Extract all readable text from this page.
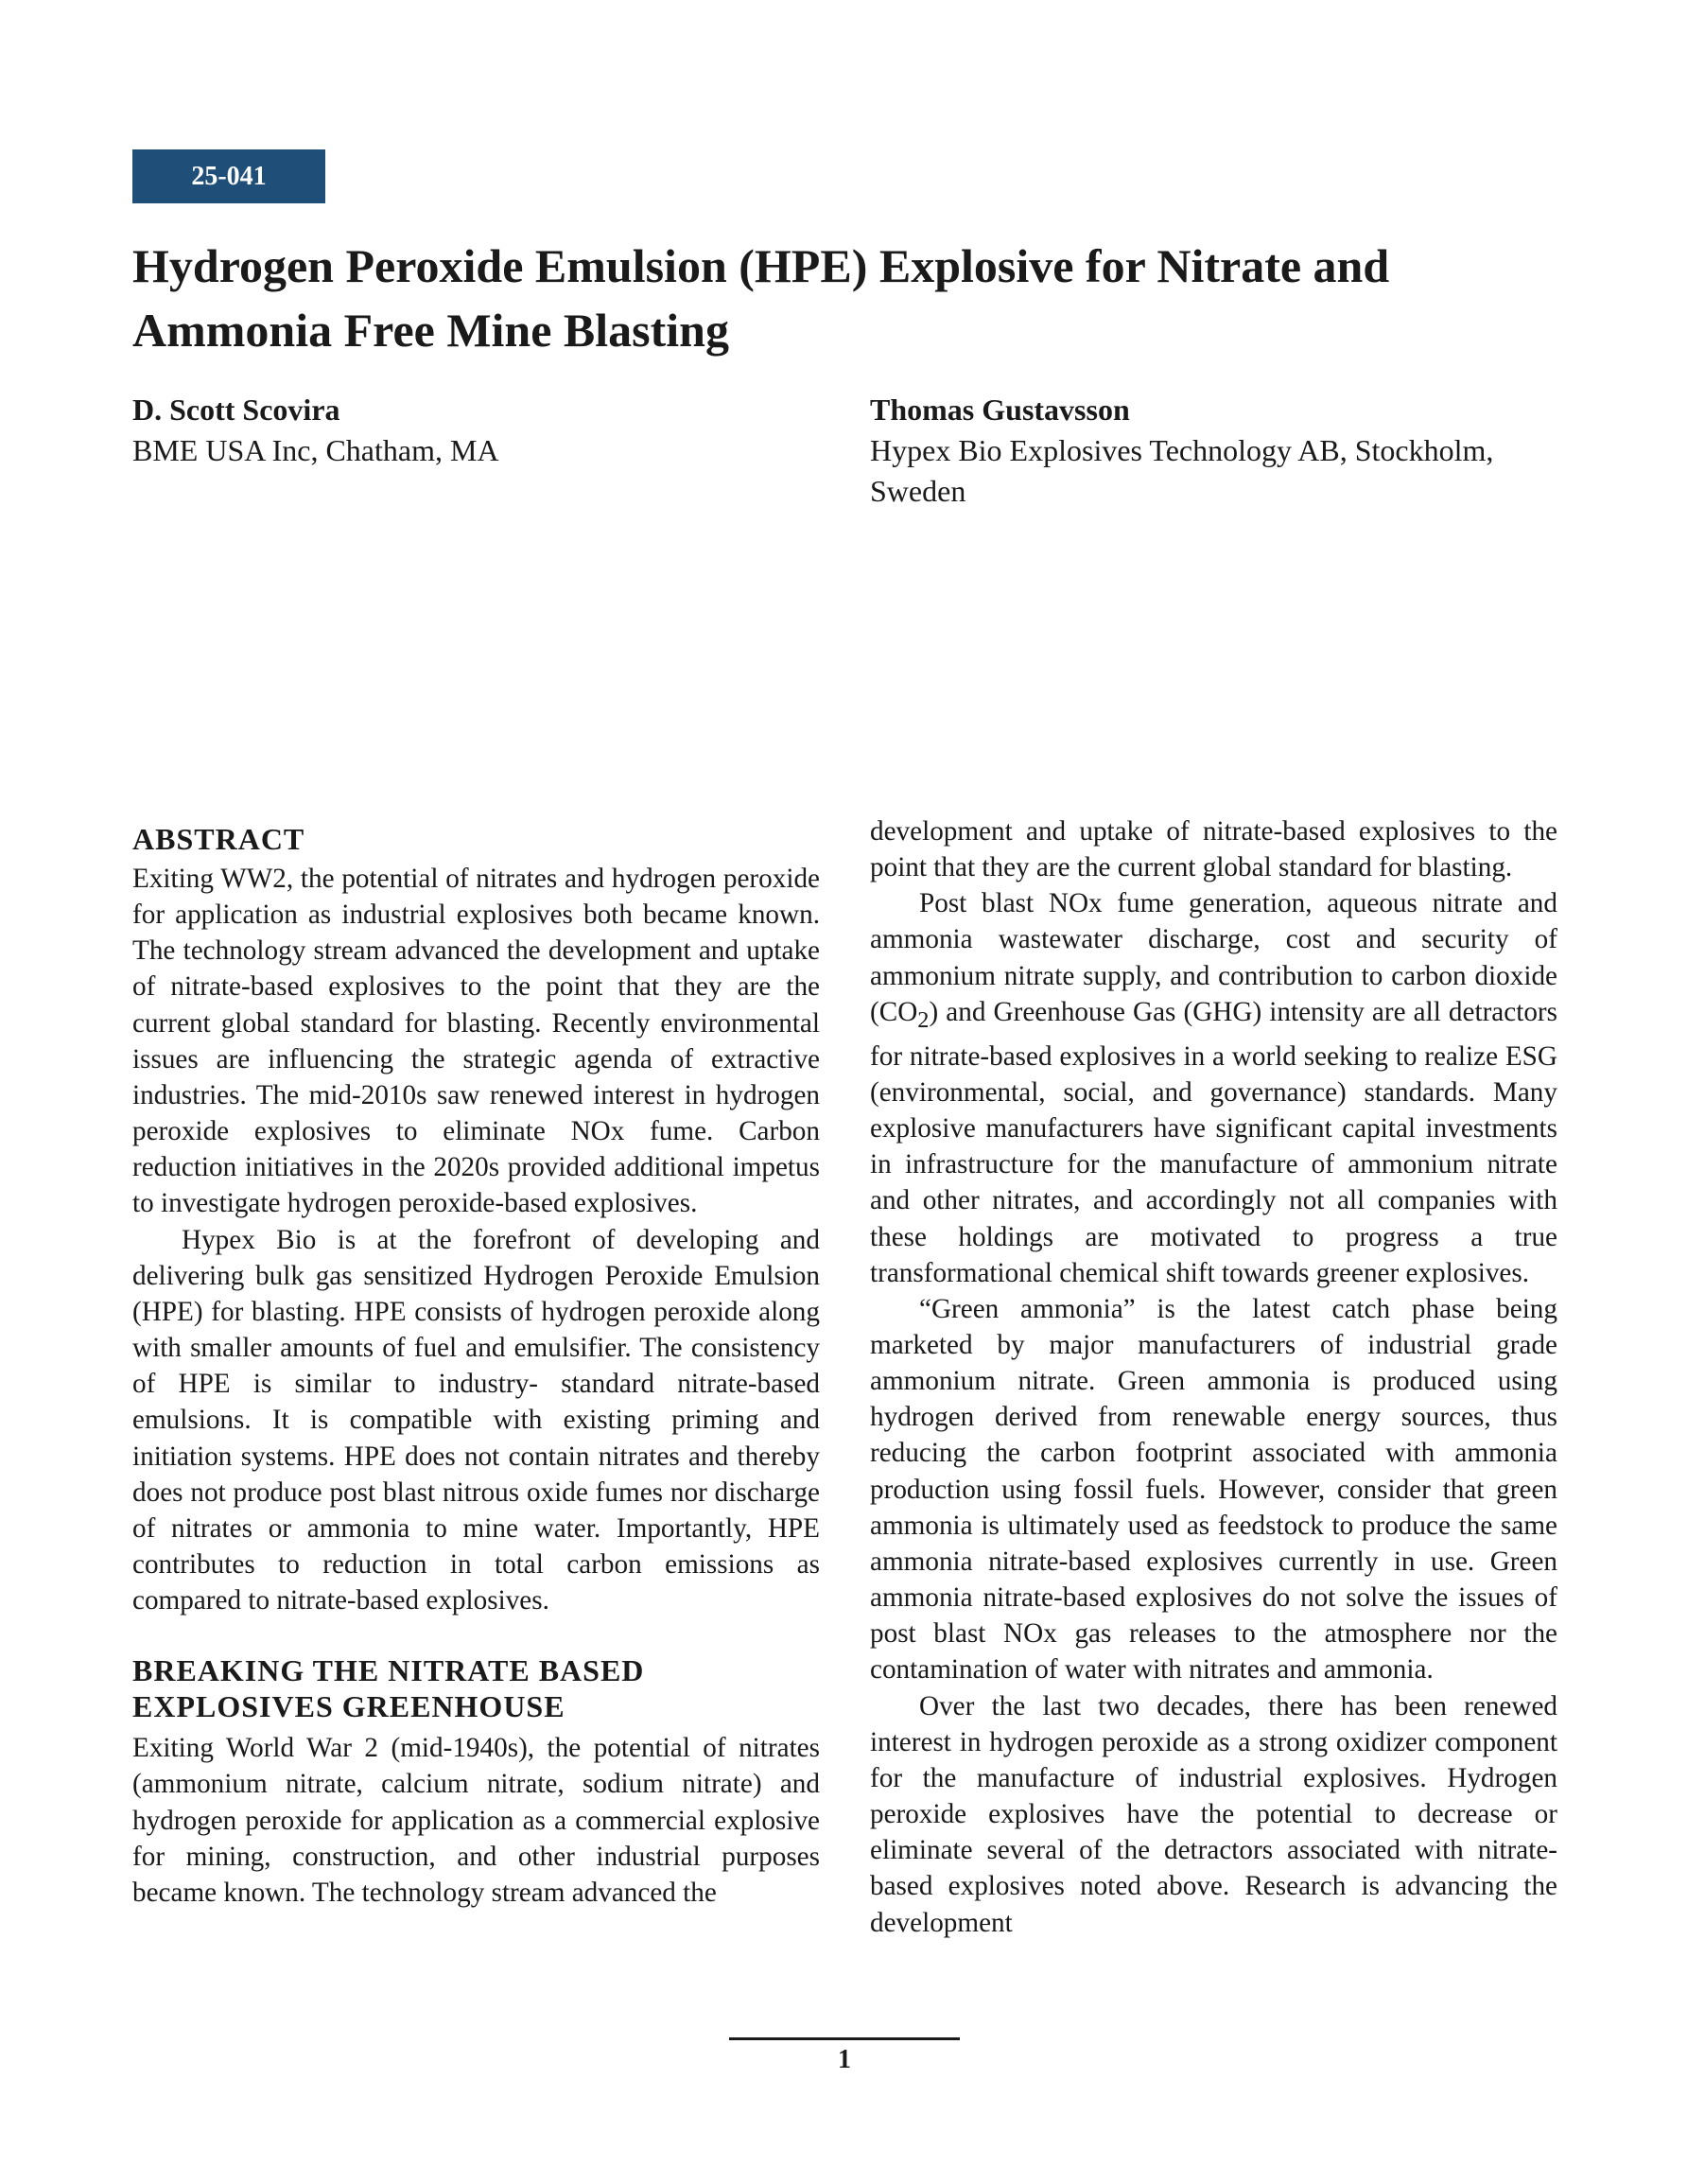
25-041
Hydrogen Peroxide Emulsion (HPE) Explosive for Nitrate and Ammonia Free Mine Blasting
D. Scott Scovira
BME USA Inc, Chatham, MA
Thomas Gustavsson
Hypex Bio Explosives Technology AB, Stockholm, Sweden
ABSTRACT

Exiting WW2, the potential of nitrates and hydrogen peroxide for application as industrial explosives both became known. The technology stream advanced the development and uptake of nitrate-based explosives to the point that they are the current global standard for blasting. Recently environmental issues are influencing the strategic agenda of extractive industries. The mid-2010s saw renewed interest in hydrogen peroxide explosives to eliminate NOx fume. Carbon reduction initiatives in the 2020s provided additional impetus to investigate hydrogen peroxide-based explosives.

Hypex Bio is at the forefront of developing and delivering bulk gas sensitized Hydrogen Peroxide Emulsion (HPE) for blasting. HPE consists of hydrogen peroxide along with smaller amounts of fuel and emulsifier. The consistency of HPE is similar to industry- standard nitrate-based emulsions. It is compatible with existing priming and initiation systems. HPE does not contain nitrates and thereby does not produce post blast nitrous oxide fumes nor discharge of nitrates or ammonia to mine water. Importantly, HPE contributes to reduction in total carbon emissions as compared to nitrate-based explosives.

BREAKING THE NITRATE BASED
EXPLOSIVES GREENHOUSE

Exiting World War 2 (mid-1940s), the potential of nitrates (ammonium nitrate, calcium nitrate, sodium nitrate) and hydrogen peroxide for application as a commercial explosive for mining, construction, and other industrial purposes became known. The technology stream advanced the

development and uptake of nitrate-based explosives to the point that they are the current global standard for blasting.

Post blast NOx fume generation, aqueous nitrate and ammonia wastewater discharge, cost and security of ammonium nitrate supply, and contribution to carbon dioxide $(CO_2)$ and Greenhouse Gas (GHG) intensity are all detractors for nitrate-based explosives in a world seeking to realize ESG (environmental, social, and governance) standards. Many explosive manufacturers have significant capital investments in infrastructure for the manufacture of ammonium nitrate and other nitrates, and accordingly not all companies with these holdings are motivated to progress a true transformational chemical shift towards greener explosives.

“Green ammonia” is the latest catch phase being marketed by major manufacturers of industrial grade ammonium nitrate. Green ammonia is produced using hydrogen derived from renewable energy sources, thus reducing the carbon footprint associated with ammonia production using fossil fuels. However, consider that green ammonia is ultimately used as feedstock to produce the same ammonia nitrate-based explosives currently in use. Green ammonia nitrate-based explosives do not solve the issues of post blast NOx gas releases to the atmosphere nor the contamination of water with nitrates and ammonia.

Over the last two decades, there has been renewed interest in hydrogen peroxide as a strong oxidizer component for the manufacture of industrial explosives. Hydrogen peroxide explosives have the potential to decrease or eliminate several of the detractors associated with nitrate-based explosives noted above. Research is advancing the development

1
